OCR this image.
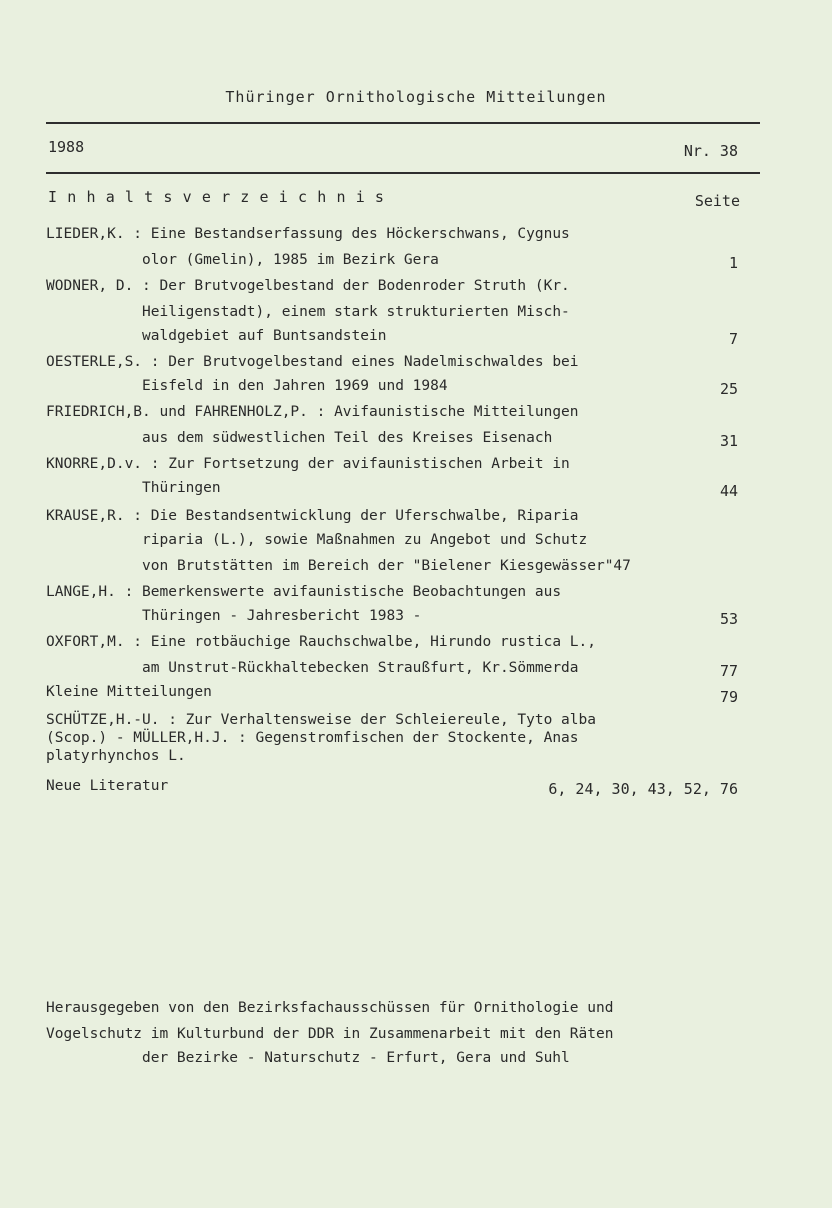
Thüringer Ornithologische Mitteilungen
1988	Nr. 38
Inhaltsverzeichnis	Seite
LIEDER,K. : Eine Bestandserfassung des Höckerschwans, Cygnus
olor (Gmelin), 1985 im Bezirk Gera	1
WODNER, D. : Der Brutvogelbestand der Bodenroder Struth (Kr.
Heiligenstadt), einem stark strukturierten Misch-
waldgebiet auf Buntsandstein	7
OESTERLE,S. : Der Brutvogelbestand eines Nadelmischwaldes bei
Eisfeld in den Jahren 1969 und 1984	25
FRIEDRICH,B. und FAHRENHOLZ,P. : Avifaunistische Mitteilungen
aus dem südwestlichen Teil des Kreises Eisenach	31
KNORRE,D.v. : Zur Fortsetzung der avifaunistischen Arbeit in
Thüringen	44
KRAUSE,R. : Die Bestandsentwicklung der Uferschwalbe, Riparia
riparia (L.), sowie Maßnahmen zu Angebot und Schutz
von Brutstätten im Bereich der "Bielener Kiesgewässer"47
LANGE,H. : Bemerkenswerte avifaunistische Beobachtungen aus
Thüringen - Jahresbericht 1983 -	53
OXFORT,M. : Eine rotbäuchige Rauchschwalbe, Hirundo rustica L.,
am Unstrut-Rückhaltebecken Straußfurt, Kr.Sömmerda	77
Kleine Mitteilungen	79
SCHÜTZE,H.-U. : Zur Verhaltensweise der Schleiereule, Tyto alba
(Scop.) - MÜLLER,H.J. : Gegenstromfischen der Stockente, Anas
platyrhynchos L.
Neue Literatur	6, 24, 30, 43, 52, 76
Herausgegeben von den Bezirksfachausschüssen für Ornithologie und
Vogelschutz im Kulturbund der DDR in Zusammenarbeit mit den Räten
der Bezirke - Naturschutz - Erfurt, Gera und Suhl
